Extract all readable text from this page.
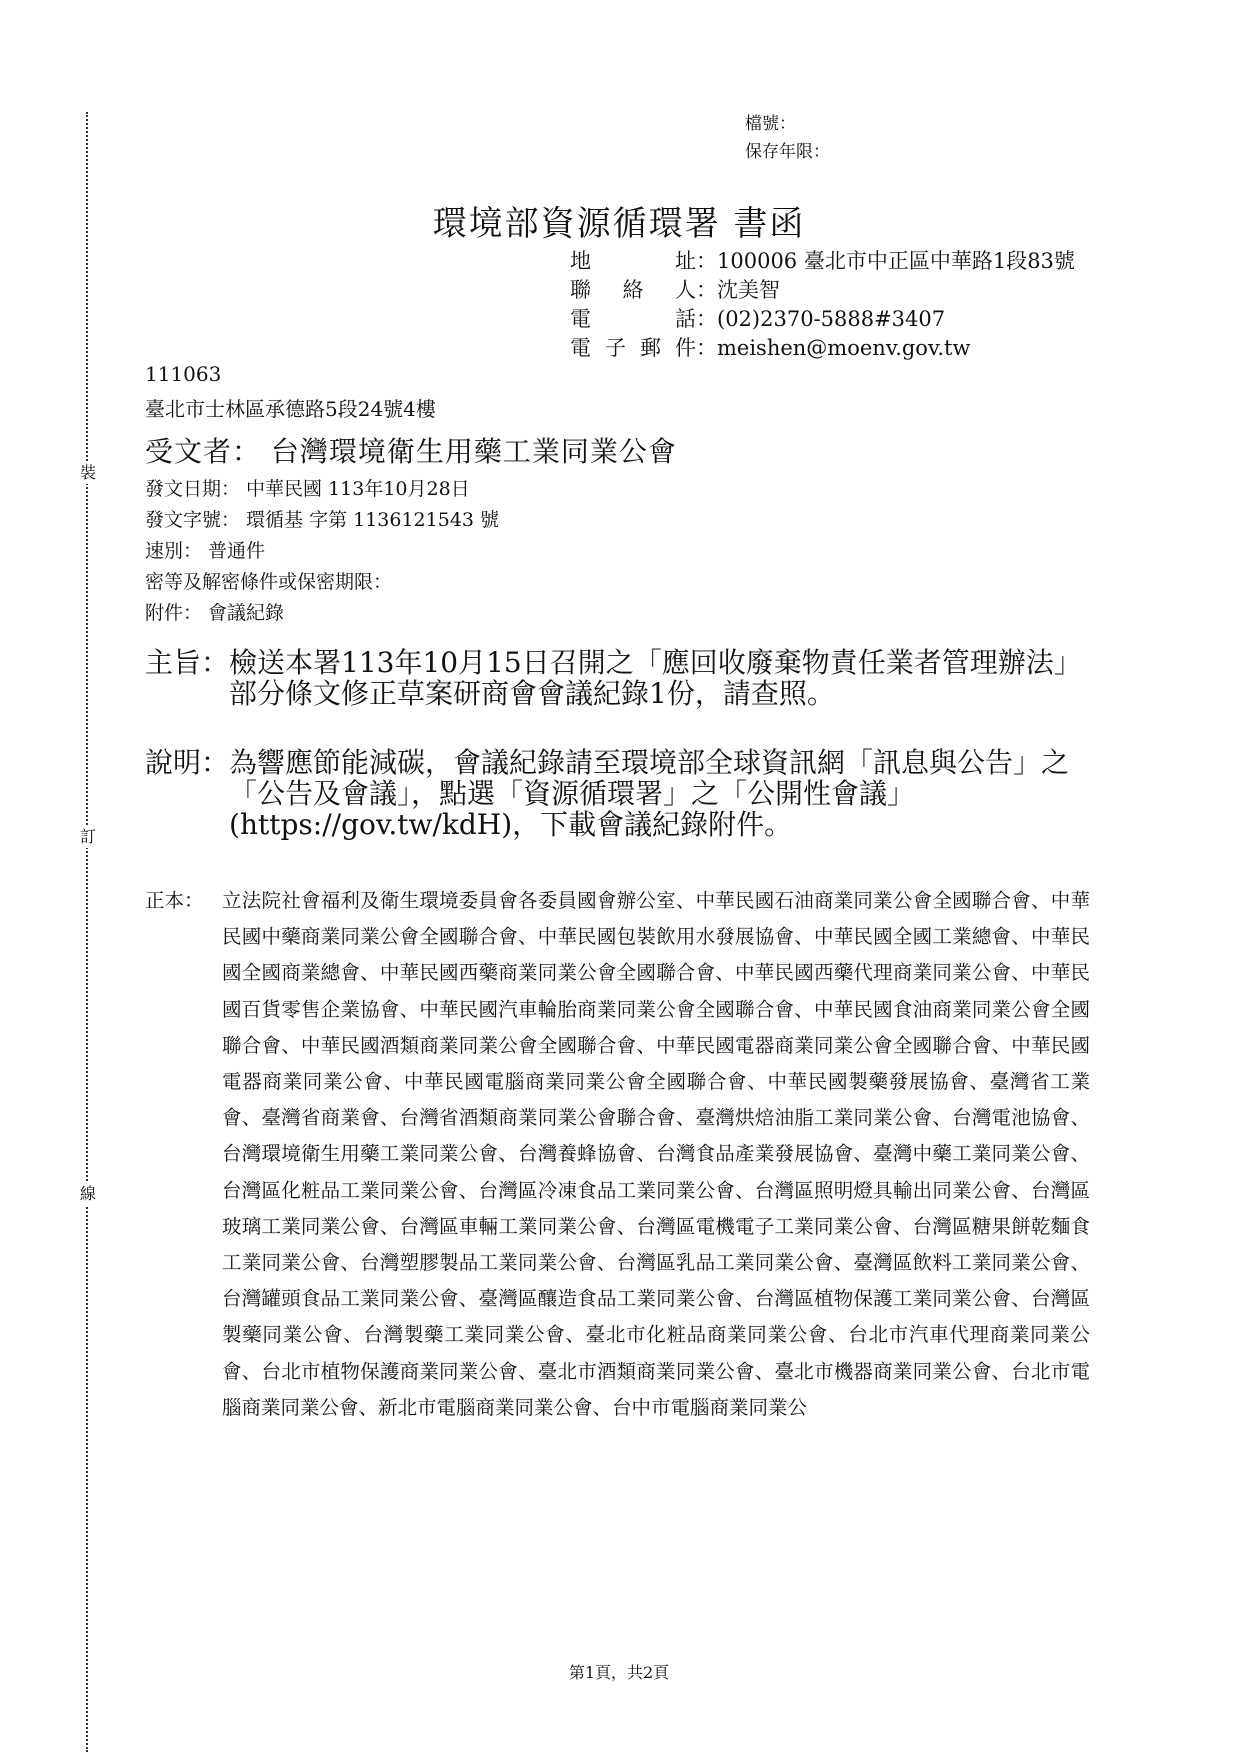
裝
訂
線
檔號：
保存年限：
環境部資源循環署 書函
地　　址：100006 臺北市中正區中華路1段83號
聯 絡 人：沈美智
電　　話：(02)2370-5888#3407
電子郵件：meishen@moenv.gov.tw
111063
臺北市士林區承德路5段24號4樓
受文者： 台灣環境衛生用藥工業同業公會
發文日期： 中華民國 113年10月28日
發文字號： 環循基 字第 1136121543 號
速別： 普通件
密等及解密條件或保密期限：
附件： 會議紀錄
主旨： 檢送本署113年10月15日召開之「應回收廢棄物責任業者管理辦法」部分條文修正草案研商會會議紀錄1份，請查照。
說明： 為響應節能減碳，會議紀錄請至環境部全球資訊網「訊息與公告」之「公告及會議」，點選「資源循環署」之「公開性會議」(https://gov.tw/kdH)，下載會議紀錄附件。
正本： 立法院社會福利及衛生環境委員會各委員國會辦公室、中華民國石油商業同業公會全國聯合會、中華民國中藥商業同業公會全國聯合會、中華民國包裝飲用水發展協會、中華民國全國工業總會、中華民國全國商業總會、中華民國西藥商業同業公會全國聯合會、中華民國西藥代理商業同業公會、中華民國百貨零售企業協會、中華民國汽車輪胎商業同業公會全國聯合會、中華民國食油商業同業公會全國聯合會、中華民國酒類商業同業公會全國聯合會、中華民國電器商業同業公會全國聯合會、中華民國電器商業同業公會、中華民國電腦商業同業公會全國聯合會、中華民國製藥發展協會、臺灣省工業會、臺灣省商業會、台灣省酒類商業同業公會聯合會、臺灣烘焙油脂工業同業公會、台灣電池協會、台灣環境衛生用藥工業同業公會、台灣養蜂協會、台灣食品產業發展協會、臺灣中藥工業同業公會、台灣區化粧品工業同業公會、台灣區冷凍食品工業同業公會、台灣區照明燈具輸出同業公會、台灣區玻璃工業同業公會、台灣區車輛工業同業公會、台灣區電機電子工業同業公會、台灣區糖果餅乾麵食工業同業公會、台灣塑膠製品工業同業公會、台灣區乳品工業同業公會、臺灣區飲料工業同業公會、台灣罐頭食品工業同業公會、臺灣區釀造食品工業同業公會、台灣區植物保護工業同業公會、台灣區製藥同業公會、台灣製藥工業同業公會、臺北市化粧品商業同業公會、台北市汽車代理商業同業公會、台北市植物保護商業同業公會、臺北市酒類商業同業公會、臺北市機器商業同業公會、台北市電腦商業同業公會、新北市電腦商業同業公會、台中市電腦商業同業公
第1頁，共2頁
